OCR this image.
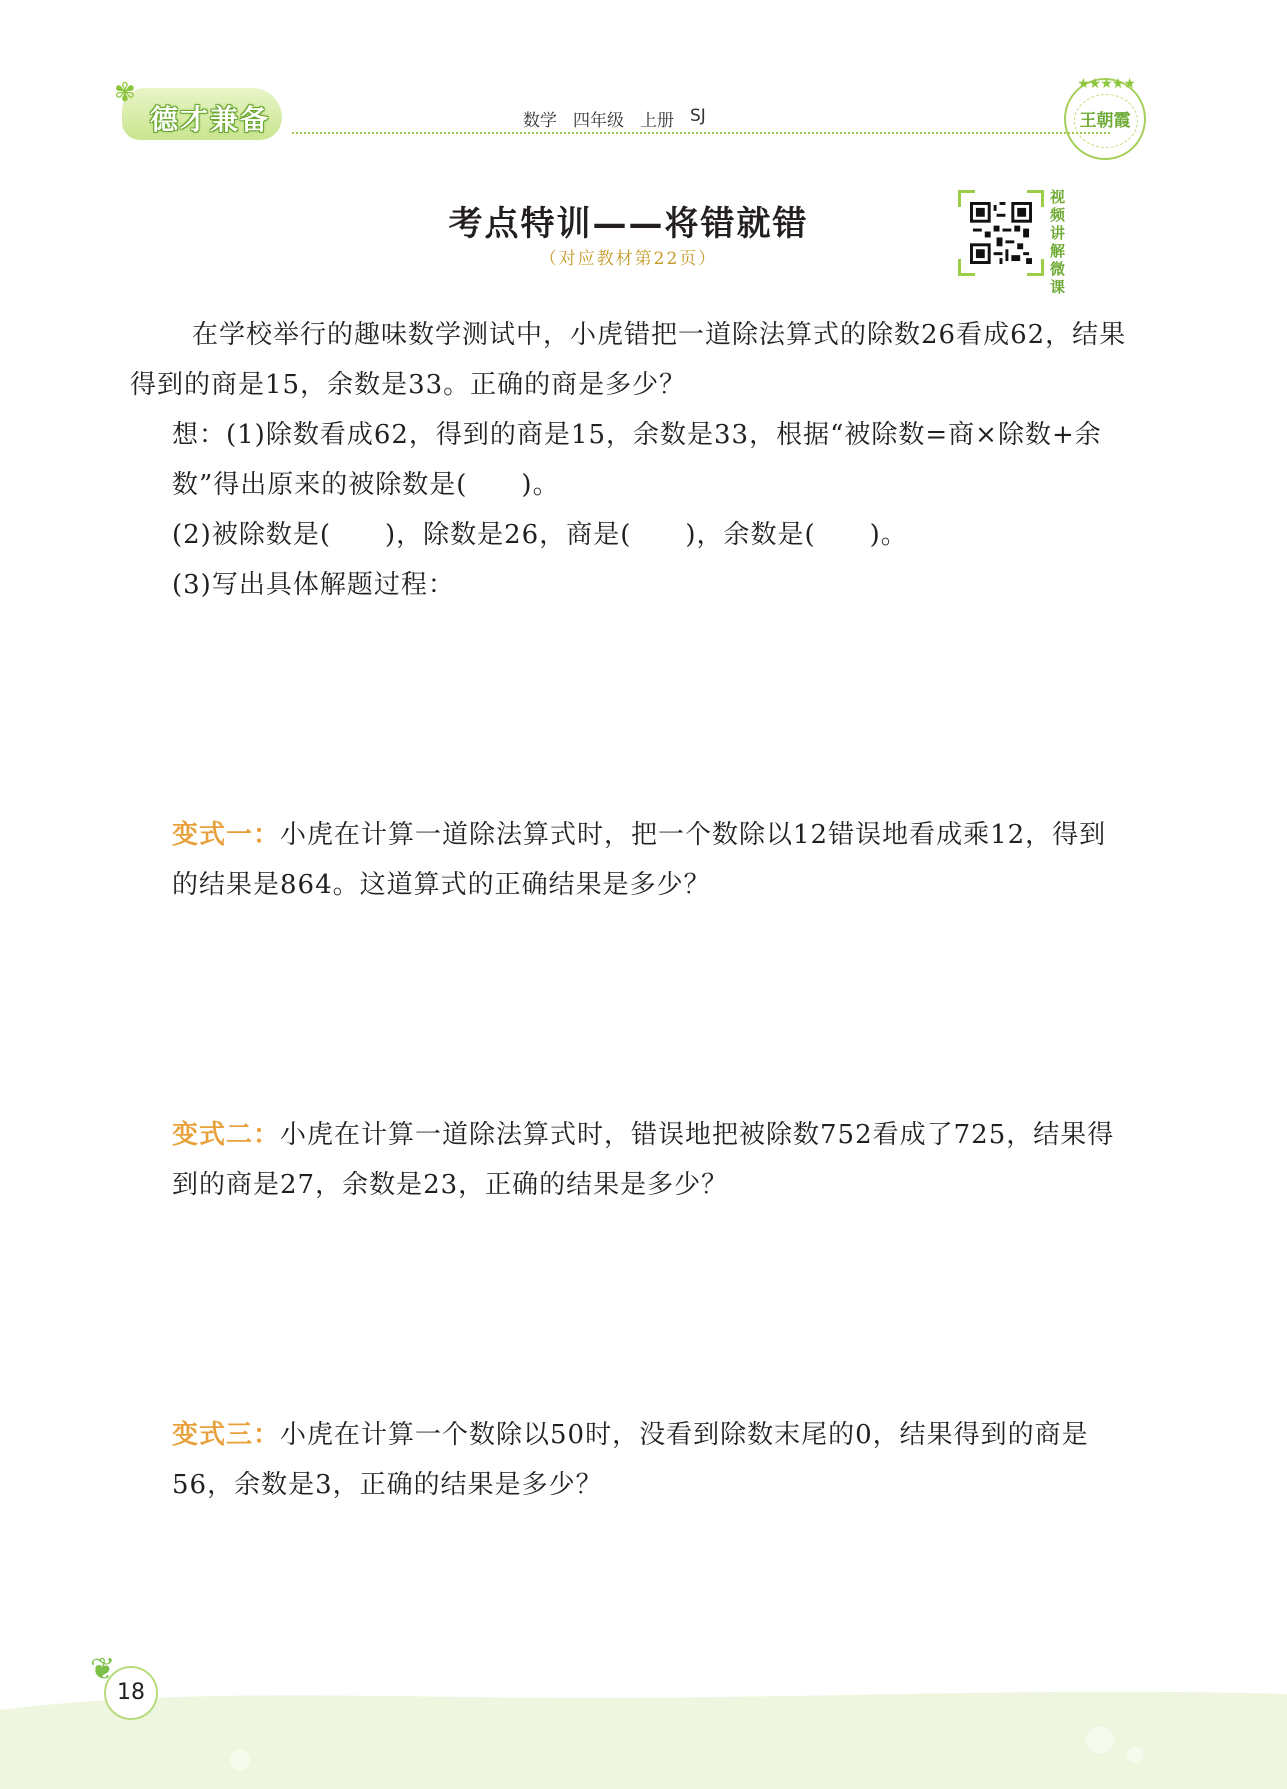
✾
德才兼备	数学 四年级 上册 SJ
★★★★★
王朝霞
考点特训——将错就错
（对应教材第22页）
视频讲解微课

在学校举行的趣味数学测试中，小虎错把一道除法算式的除数26看成62，结果得到的商是15，余数是33。正确的商是多少？

想：(1)除数看成62，得到的商是15，余数是33，根据“被除数=商×除数+余数”得出原来的被除数是(　　)。

(2)被除数是(　　)，除数是26，商是(　　)，余数是(　　)。

(3)写出具体解题过程：

变式一：小虎在计算一道除法算式时，把一个数除以12错误地看成乘12，得到的结果是864。这道算式的正确结果是多少？

变式二：小虎在计算一道除法算式时，错误地把被除数752看成了725，结果得到的商是27，余数是23，正确的结果是多少？

变式三：小虎在计算一个数除以50时，没看到除数末尾的0，结果得到的商是56，余数是3，正确的结果是多少？

❦
18
